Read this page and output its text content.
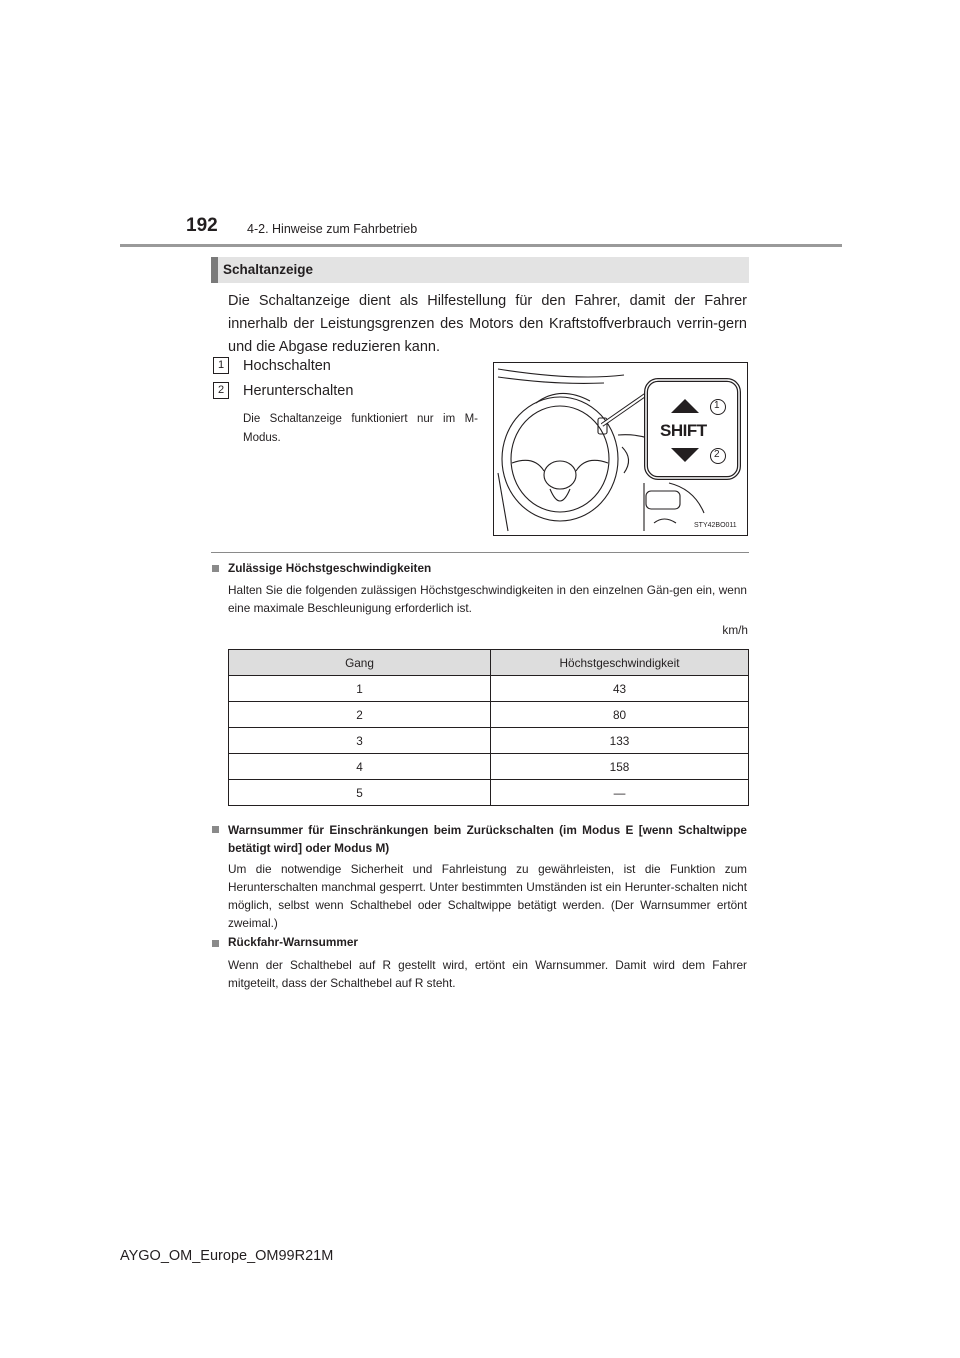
192 4-2. Hinweise zum Fahrbetrieb
Schaltanzeige
Die Schaltanzeige dient als Hilfestellung für den Fahrer, damit der Fahrer innerhalb der Leistungsgrenzen des Motors den Kraftstoffverbrauch verrin-gern und die Abgase reduzieren kann.
1	Hochschalten
2	Herunterschalten
Die Schaltanzeige funktioniert nur im M-Modus.	SHIFT
1
2
STY42BO011
Zulässige Höchstgeschwindigkeiten
Halten Sie die folgenden zulässigen Höchstgeschwindigkeiten in den einzelnen Gän-gen ein, wenn eine maximale Beschleunigung erforderlich ist.
km/h
Gang	Höchstgeschwindigkeit
1	43
2	80
3	133
4	158
5	—
Warnsummer für Einschränkungen beim Zurückschalten (im Modus E [wenn Schaltwippe betätigt wird] oder Modus M)
Um die notwendige Sicherheit und Fahrleistung zu gewährleisten, ist die Funktion zum Herunterschalten manchmal gesperrt. Unter bestimmten Umständen ist ein Herunter-schalten nicht möglich, selbst wenn Schalthebel oder Schaltwippe betätigt werden. (Der Warnsummer ertönt zweimal.)
Rückfahr-Warnsummer
Wenn der Schalthebel auf R gestellt wird, ertönt ein Warnsummer. Damit wird dem Fahrer mitgeteilt, dass der Schalthebel auf R steht.
AYGO_OM_Europe_OM99R21M
